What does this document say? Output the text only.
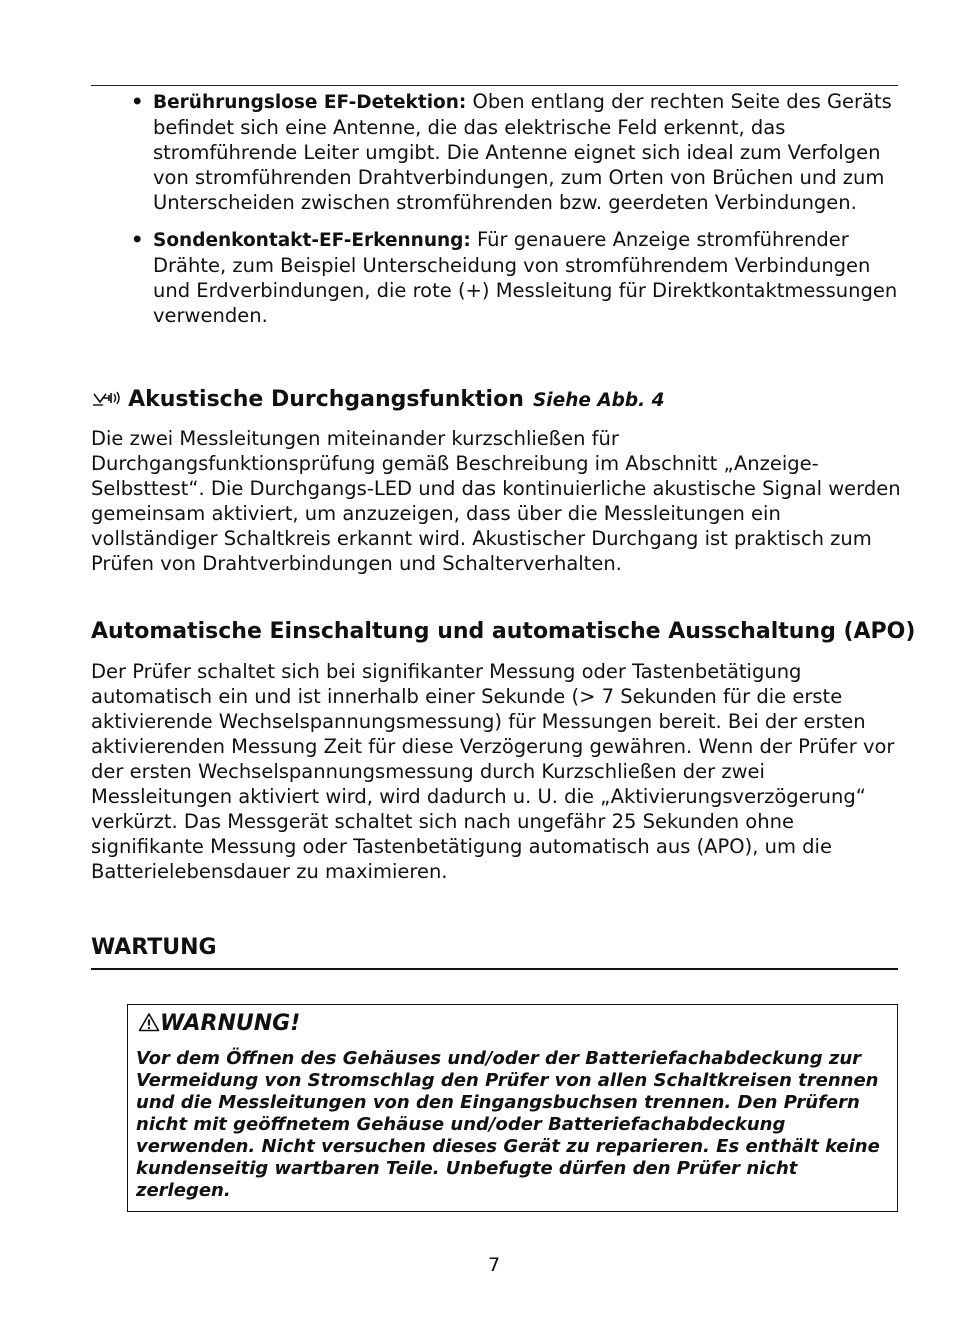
• Berührungslose EF-Detektion: Oben entlang der rechten Seite des Geräts befindet sich eine Antenne, die das elektrische Feld erkennt, das stromführende Leiter umgibt. Die Antenne eignet sich ideal zum Verfolgen von stromführenden Drahtverbindungen, zum Orten von Brüchen und zum Unterscheiden zwischen stromführenden bzw. geerdeten Verbindungen.
• Sondenkontakt-EF-Erkennung: Für genauere Anzeige stromführender Drähte, zum Beispiel Unterscheidung von stromführendem Verbindungen und Erdverbindungen, die rote (+) Messleitung für Direktkontaktmessungen verwenden.
Akustische Durchgangsfunktion Siehe Abb. 4
Die zwei Messleitungen miteinander kurzschließen für Durchgangsfunktionsprüfung gemäß Beschreibung im Abschnitt „Anzeige-Selbsttest“. Die Durchgangs-LED und das kontinuierliche akustische Signal werden gemeinsam aktiviert, um anzuzeigen, dass über die Messleitungen ein vollständiger Schaltkreis erkannt wird. Akustischer Durchgang ist praktisch zum Prüfen von Drahtverbindungen und Schalterverhalten.
Automatische Einschaltung und automatische Ausschaltung (APO)
Der Prüfer schaltet sich bei signifikanter Messung oder Tastenbetätigung automatisch ein und ist innerhalb einer Sekunde (> 7 Sekunden für die erste aktivierende Wechselspannungsmessung) für Messungen bereit. Bei der ersten aktivierenden Messung Zeit für diese Verzögerung gewähren. Wenn der Prüfer vor der ersten Wechselspannungsmessung durch Kurzschließen der zwei Messleitungen aktiviert wird, wird dadurch u. U. die „Aktivierungsverzögerung“ verkürzt. Das Messgerät schaltet sich nach ungefähr 25 Sekunden ohne signifikante Messung oder Tastenbetätigung automatisch aus (APO), um die Batterielebensdauer zu maximieren.
WARTUNG
WARNUNG!
Vor dem Öffnen des Gehäuses und/oder der Batteriefachabdeckung zur Vermeidung von Stromschlag den Prüfer von allen Schaltkreisen trennen und die Messleitungen von den Eingangsbuchsen trennen. Den Prüfern nicht mit geöffnetem Gehäuse und/oder Batteriefachabdeckung verwenden. Nicht versuchen dieses Gerät zu reparieren. Es enthält keine kundenseitig wartbaren Teile. Unbefugte dürfen den Prüfer nicht zerlegen.
7
